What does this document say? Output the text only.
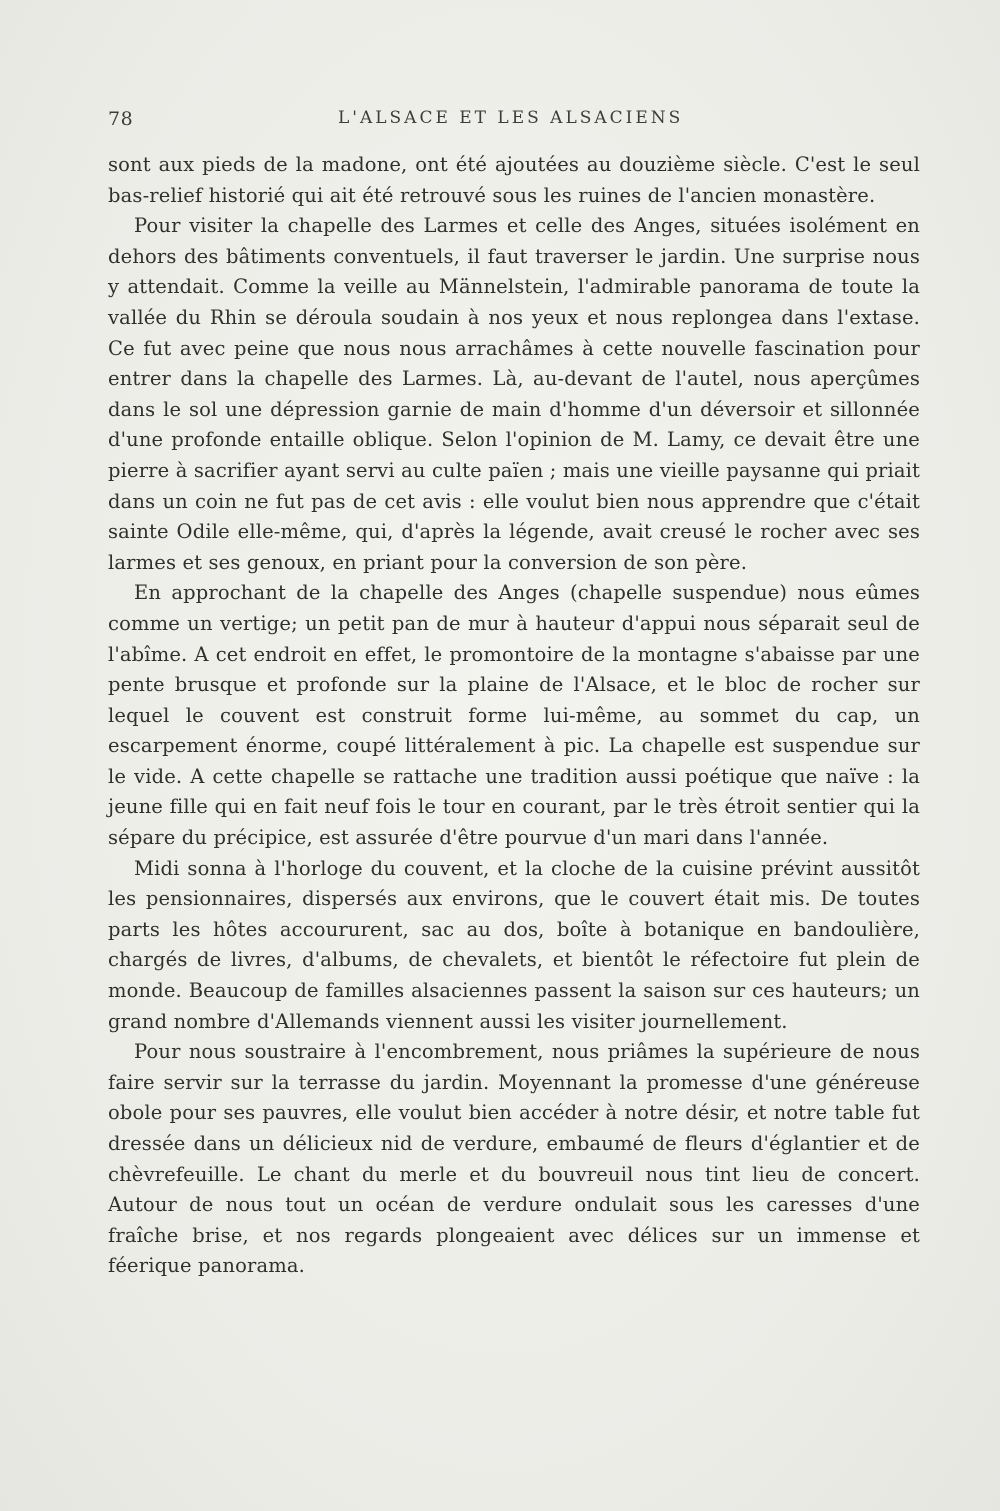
78	L'ALSACE ET LES ALSACIENS

sont aux pieds de la madone, ont été ajoutées au douzième siècle. C'est le seul bas-relief historié qui ait été retrouvé sous les ruines de l'ancien monastère.

Pour visiter la chapelle des Larmes et celle des Anges, situées isolément en dehors des bâtiments conventuels, il faut traverser le jardin. Une surprise nous y attendait. Comme la veille au Männelstein, l'admirable panorama de toute la vallée du Rhin se déroula soudain à nos yeux et nous replongea dans l'extase. Ce fut avec peine que nous nous arrachâmes à cette nouvelle fascination pour entrer dans la chapelle des Larmes. Là, au-devant de l'autel, nous aperçûmes dans le sol une dépression garnie de main d'homme d'un déversoir et sillonnée d'une profonde entaille oblique. Selon l'opinion de M. Lamy, ce devait être une pierre à sacrifier ayant servi au culte païen ; mais une vieille paysanne qui priait dans un coin ne fut pas de cet avis : elle voulut bien nous apprendre que c'était sainte Odile elle-même, qui, d'après la légende, avait creusé le rocher avec ses larmes et ses genoux, en priant pour la conversion de son père.

En approchant de la chapelle des Anges (chapelle suspendue) nous eûmes comme un vertige; un petit pan de mur à hauteur d'appui nous séparait seul de l'abîme. A cet endroit en effet, le promontoire de la montagne s'abaisse par une pente brusque et profonde sur la plaine de l'Alsace, et le bloc de rocher sur lequel le couvent est construit forme lui-même, au sommet du cap, un escarpement énorme, coupé littéralement à pic. La chapelle est suspendue sur le vide. A cette chapelle se rattache une tradition aussi poétique que naïve : la jeune fille qui en fait neuf fois le tour en courant, par le très étroit sentier qui la sépare du précipice, est assurée d'être pourvue d'un mari dans l'année.

Midi sonna à l'horloge du couvent, et la cloche de la cuisine prévint aussitôt les pensionnaires, dispersés aux environs, que le couvert était mis. De toutes parts les hôtes accoururent, sac au dos, boîte à botanique en bandoulière, chargés de livres, d'albums, de chevalets, et bientôt le réfectoire fut plein de monde. Beaucoup de familles alsaciennes passent la saison sur ces hauteurs; un grand nombre d'Allemands viennent aussi les visiter journellement.

Pour nous soustraire à l'encombrement, nous priâmes la supérieure de nous faire servir sur la terrasse du jardin. Moyennant la promesse d'une généreuse obole pour ses pauvres, elle voulut bien accéder à notre désir, et notre table fut dressée dans un délicieux nid de verdure, embaumé de fleurs d'églantier et de chèvrefeuille. Le chant du merle et du bouvreuil nous tint lieu de concert. Autour de nous tout un océan de verdure ondulait sous les caresses d'une fraîche brise, et nos regards plongeaient avec délices sur un immense et féerique panorama.
